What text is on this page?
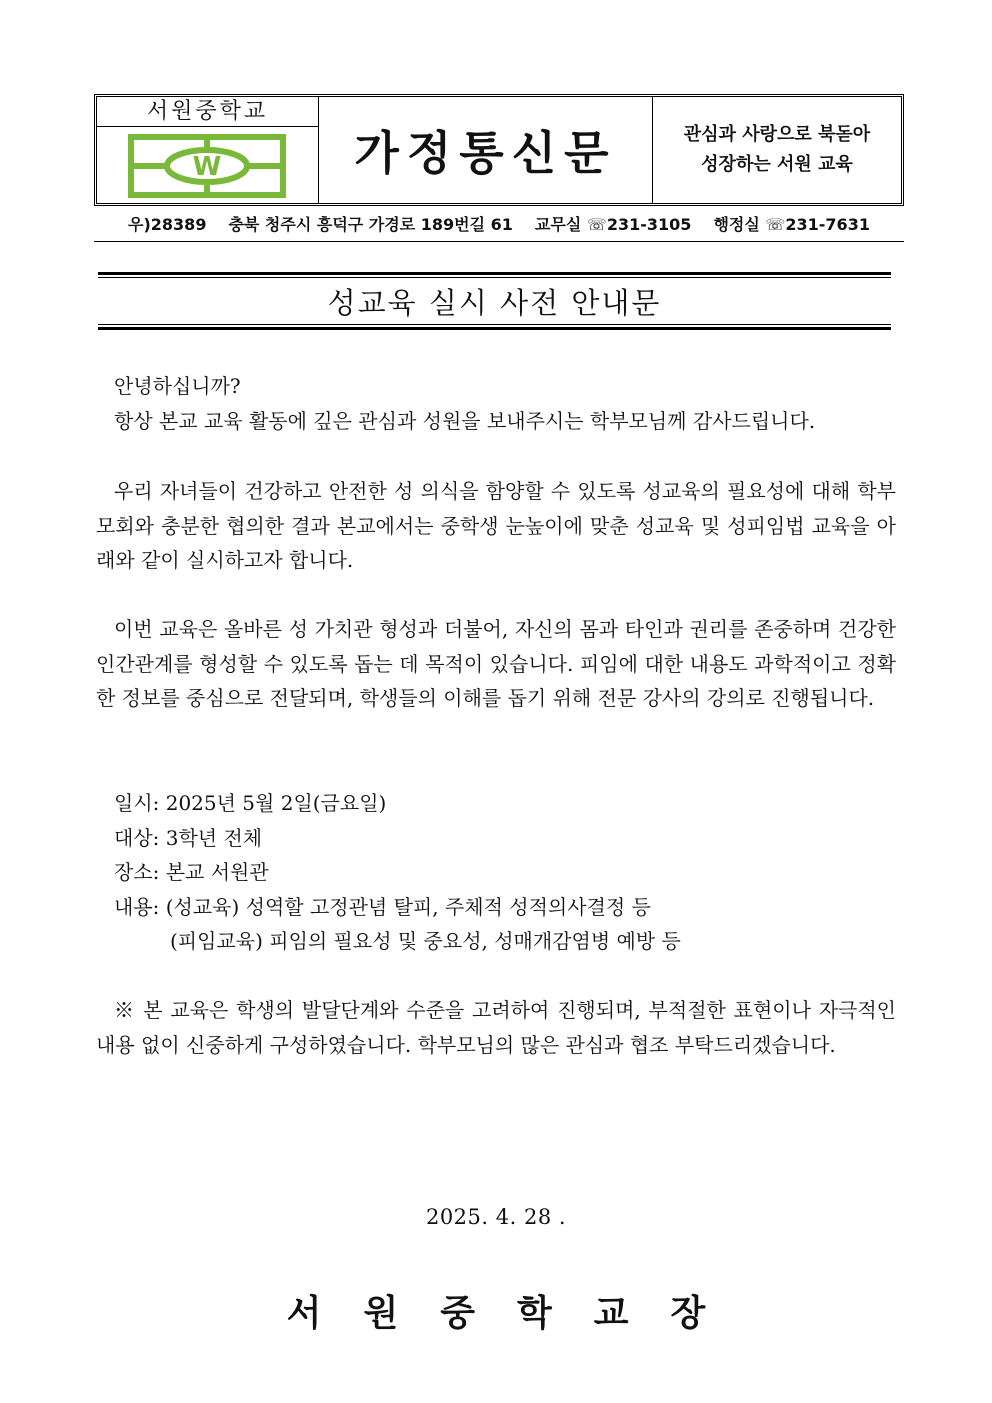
서원중학교
W	가정통신문	관심과 사랑으로 북돋아
성장하는 서원 교육
우)28389 충북 청주시 흥덕구 가경로 189번길 61 교무실 ☏231-3105 행정실 ☏231-7631
성교육 실시 사전 안내문

안녕하십니까?

항상 본교 교육 활동에 깊은 관심과 성원을 보내주시는 학부모님께 감사드립니다.

우리 자녀들이 건강하고 안전한 성 의식을 함양할 수 있도록 성교육의 필요성에 대해 학부모회와 충분한 협의한 결과 본교에서는 중학생 눈높이에 맞춘 성교육 및 성피임법 교육을 아래와 같이 실시하고자 합니다.

이번 교육은 올바른 성 가치관 형성과 더불어, 자신의 몸과 타인과 권리를 존중하며 건강한 인간관계를 형성할 수 있도록 돕는 데 목적이 있습니다. 피임에 대한 내용도 과학적이고 정확한 정보를 중심으로 전달되며, 학생들의 이해를 돕기 위해 전문 강사의 강의로 진행됩니다.

일시: 2025년 5월 2일(금요일)
대상: 3학년 전체
장소: 본교 서원관
내용: (성교육) 성역할 고정관념 탈피, 주체적 성적의사결정 등
(피임교육) 피임의 필요성 및 중요성, 성매개감염병 예방 등

※ 본 교육은 학생의 발달단계와 수준을 고려하여 진행되며, 부적절한 표현이나 자극적인 내용 없이 신중하게 구성하였습니다. 학부모님의 많은 관심과 협조 부탁드리겠습니다.

2025. 4. 28 .
서원중학교장
